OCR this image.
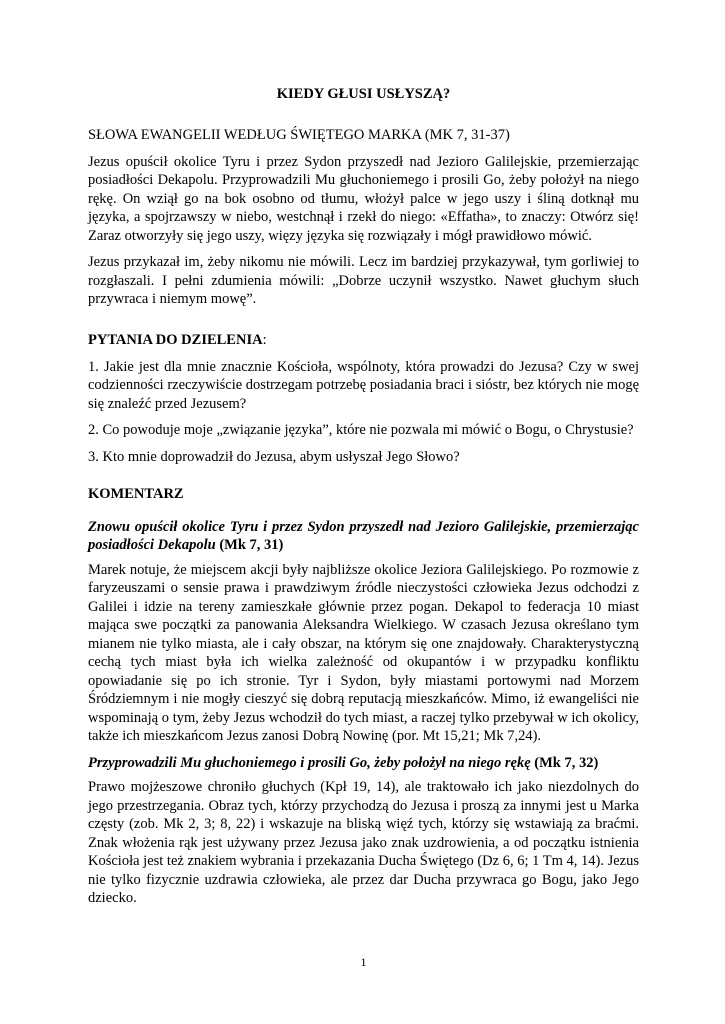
KIEDY GŁUSI USŁYSZĄ?

SŁOWA EWANGELII WEDŁUG ŚWIĘTEGO MARKA (MK 7, 31-37)

Jezus opuścił okolice Tyru i przez Sydon przyszedł nad Jezioro Galilejskie, przemierzając posiadłości Dekapolu. Przyprowadzili Mu głuchoniemego i prosili Go, żeby położył na niego rękę. On wziął go na bok osobno od tłumu, włożył palce w jego uszy i śliną dotknął mu języka, a spojrzawszy w niebo, westchnął i rzekł do niego: «Effatha», to znaczy: Otwórz się! Zaraz otworzyły się jego uszy, więzy języka się rozwiązały i mógł prawidłowo mówić.

Jezus przykazał im, żeby nikomu nie mówili. Lecz im bardziej przykazywał, tym gorliwiej to rozgłaszali. I pełni zdumienia mówili: „Dobrze uczynił wszystko. Nawet głuchym słuch przywraca i niemym mowę”.

PYTANIA DO DZIELENIA:

1. Jakie jest dla mnie znacznie Kościoła, wspólnoty, która prowadzi do Jezusa? Czy w swej codzienności rzeczywiście dostrzegam potrzebę posiadania braci i sióstr, bez których nie mogę się znaleźć przed Jezusem?

2. Co powoduje moje „związanie języka”, które nie pozwala mi mówić o Bogu, o Chrystusie?

3. Kto mnie doprowadził do Jezusa, abym usłyszał Jego Słowo?

KOMENTARZ

Znowu opuścił okolice Tyru i przez Sydon przyszedł nad Jezioro Galilejskie, przemierzając posiadłości Dekapolu (Mk 7, 31)

Marek notuje, że miejscem akcji były najbliższe okolice Jeziora Galilejskiego. Po rozmowie z faryzeuszami o sensie prawa i prawdziwym źródle nieczystości człowieka Jezus odchodzi z Galilei i idzie na tereny zamieszkałe głównie przez pogan. Dekapol to federacja 10 miast mająca swe początki za panowania Aleksandra Wielkiego. W czasach Jezusa określano tym mianem nie tylko miasta, ale i cały obszar, na którym się one znajdowały. Charakterystyczną cechą tych miast była ich wielka zależność od okupantów i w przypadku konfliktu opowiadanie się po ich stronie. Tyr i Sydon, były miastami portowymi nad Morzem Śródziemnym i nie mogły cieszyć się dobrą reputacją mieszkańców. Mimo, iż ewangeliści nie wspominają o tym, żeby Jezus wchodził do tych miast, a raczej tylko przebywał w ich okolicy, także ich mieszkańcom Jezus zanosi Dobrą Nowinę (por. Mt 15,21; Mk 7,24).

Przyprowadzili Mu głuchoniemego i prosili Go, żeby położył na niego rękę (Mk 7, 32)

Prawo mojżeszowe chroniło głuchych (Kpł 19, 14), ale traktowało ich jako niezdolnych do jego przestrzegania. Obraz tych, którzy przychodzą do Jezusa i proszą za innymi jest u Marka częsty (zob. Mk 2, 3; 8, 22) i wskazuje na bliską więź tych, którzy się wstawiają za braćmi. Znak włożenia rąk jest używany przez Jezusa jako znak uzdrowienia, a od początku istnienia Kościoła jest też znakiem wybrania i przekazania Ducha Świętego (Dz 6, 6; 1 Tm 4, 14). Jezus nie tylko fizycznie uzdrawia człowieka, ale przez dar Ducha przywraca go Bogu, jako Jego dziecko.

1
